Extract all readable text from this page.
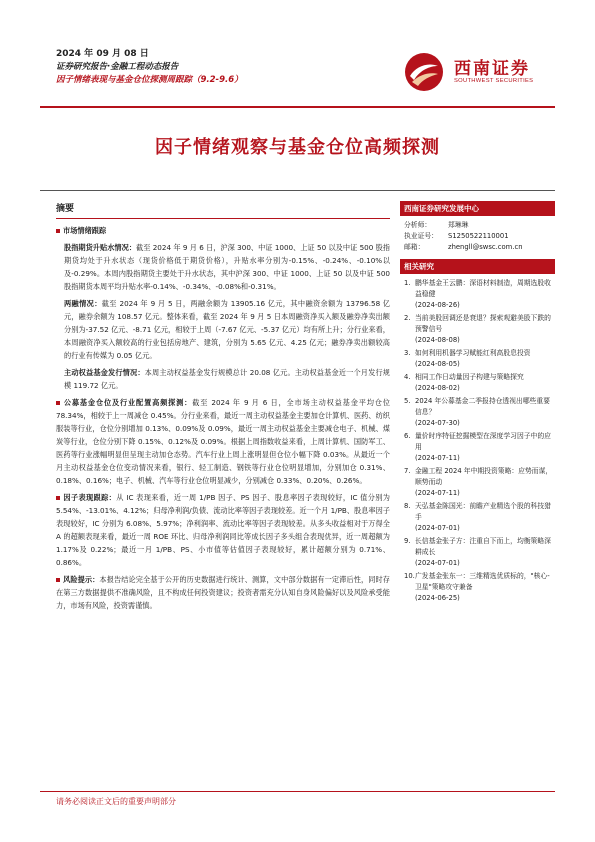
2024 年 09 月 08 日
证券研究报告·金融工程动态报告
因子情绪表现与基金仓位探测周跟踪（9.2-9.6）
西南证券
SOUTHWEST SECURITIES
因子情绪观察与基金仓位高频探测
摘要
市场情绪跟踪

股指期货升贴水情况：截至 2024 年 9 月 6 日，沪深 300、中证 1000、上证 50 以及中证 500 股指期货均处于升水状态（现货价格低于期货价格），升贴水率分别为-0.15%、-0.24%、-0.10%以及-0.29%。本周内股指期货主要处于升水状态，其中沪深 300、中证 1000、上证 50 以及中证 500 股指期货本周平均升贴水率-0.14%、-0.34%、-0.08%和-0.31%。

两融情况：截至 2024 年 9 月 5 日，两融余额为 13905.16 亿元，其中融资余额为 13796.58 亿元，融券余额为 108.57 亿元。整体来看，截至 2024 年 9 月 5 日本周融资净买入额及融券净卖出额分别为-37.52 亿元、-8.71 亿元，相较于上周（-7.67 亿元、-5.37 亿元）均有所上升；分行业来看，本周融资净买入额较高的行业包括房地产、建筑，分别为 5.65 亿元、4.25 亿元；融券净卖出额较高的行业有传媒为 0.05 亿元。

主动权益基金发行情况：本周主动权益基金发行规模总计 20.08 亿元。主动权益基金近一个月发行规模 119.72 亿元。

公募基金仓位及行业配置高频探测：截至 2024 年 9 月 6 日，全市场主动权益基金平均仓位 78.34%，相较于上一周减仓 0.45%。分行业来看，最近一周主动权益基金主要加仓计算机、医药、纺织服装等行业，仓位分别增加 0.13%、0.09%及 0.09%，最近一周主动权益基金主要减仓电子、机械、煤炭等行业，仓位分别下降 0.15%、0.12%及 0.09%。根据上周指数收益来看，上周计算机、国防军工、医药等行业涨幅明显但呈现主动加仓态势。汽车行业上周上涨明显但仓位小幅下降 0.03%。从最近一个月主动权益基金仓位变动情况来看，银行、轻工制造、钢铁等行业仓位明显增加，分别加仓 0.31%、0.18%、0.16%；电子、机械、汽车等行业仓位明显减少，分别减仓 0.33%、0.20%、0.26%。

因子表现跟踪：从 IC 表现来看，近一周 1/PB 因子、PS 因子、股息率因子表现较好，IC 值分别为 5.54%、-13.01%、4.12%；归母净利润/负债、流动比率等因子表现较差。近一个月 1/PB、股息率因子表现较好，IC 分别为 6.08%、5.97%；净利润率、流动比率等因子表现较差。从多头收益相对于万得全 A 的超额表现来看，最近一周 ROE 环比、归母净利润同比等成长因子多头组合表现优异，近一周超额为 1.17%及 0.22%；最近一月 1/PB、PS、小市值等估值因子表现较好，累计超额分别为 0.71%、0.86%。

风险提示：本报告结论完全基于公开的历史数据进行统计、测算，文中部分数据有一定滞后性，同时存在第三方数据提供不准确风险，且不构成任何投资建议；投资者需充分认知自身风险偏好以及风险承受能力，市场有风险，投资需谨慎。

西南证券研究发展中心
分析师：	郑琳琳
执业证号：	S1250522110001
邮箱：	zhengll@swsc.com.cn
相关研究
1. 鹏华基金王云鹏：深语材料制造，周期选股收益稳健
(2024-08-26)
2. 当前美股回调还是衰退？探索观避美股下跌的预警信号
(2024-08-08)
3. 如何利用机器学习赋能红利高股息投资
(2024-08-05)
4. 相同工作日动量因子构建与策略探究
(2024-08-02)
5. 2024 年公募基金二季报持仓透视出哪些重要信息？
(2024-07-30)
6. 量价时序特征挖掘模型在深度学习因子中的应用
(2024-07-11)
7. 金融工程 2024 年中期投资策略：应势而谋，顺势而动
(2024-07-11)
8. 天弘基金陈国光：前瞻产业精选个股的科技猎手
(2024-07-01)
9. 长信基金张子方：注重自下而上，均衡策略深耕成长
(2024-07-01)
10. 广发基金张东一：三维精选优质标的，"核心-卫星"策略攻守兼备
(2024-06-25)
请务必阅读正文后的重要声明部分
